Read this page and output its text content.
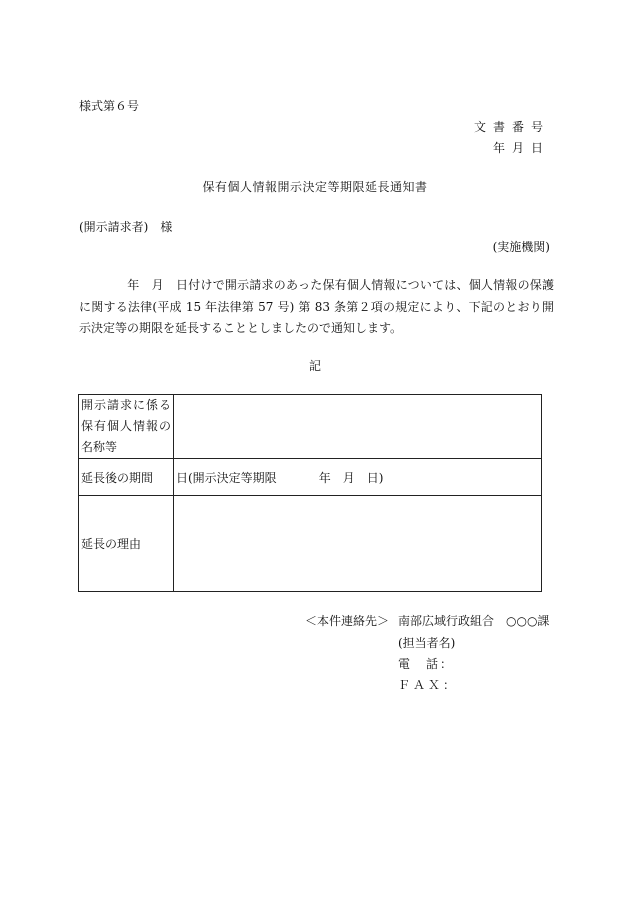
様式第６号
文書番号
年月日
保有個人情報開示決定等期限延長通知書
(開示請求者)　様
(実施機関)
年　月　日付けで開示請求のあった保有個人情報については、個人情報の保護に関する法律(平成 15 年法律第 57 号) 第 83 条第２項の規定により、下記のとおり開示決定等の期限を延長することとしましたので通知します。
記
開示請求に係る
保有個人情報の
名称等	

延長後の期間	日(開示決定等期限 年　月　日)
延長の理由	
＜本件連絡先＞ 南部広域行政組合　○○○課
(担当者名)
電　話：
ＦＡＸ：
